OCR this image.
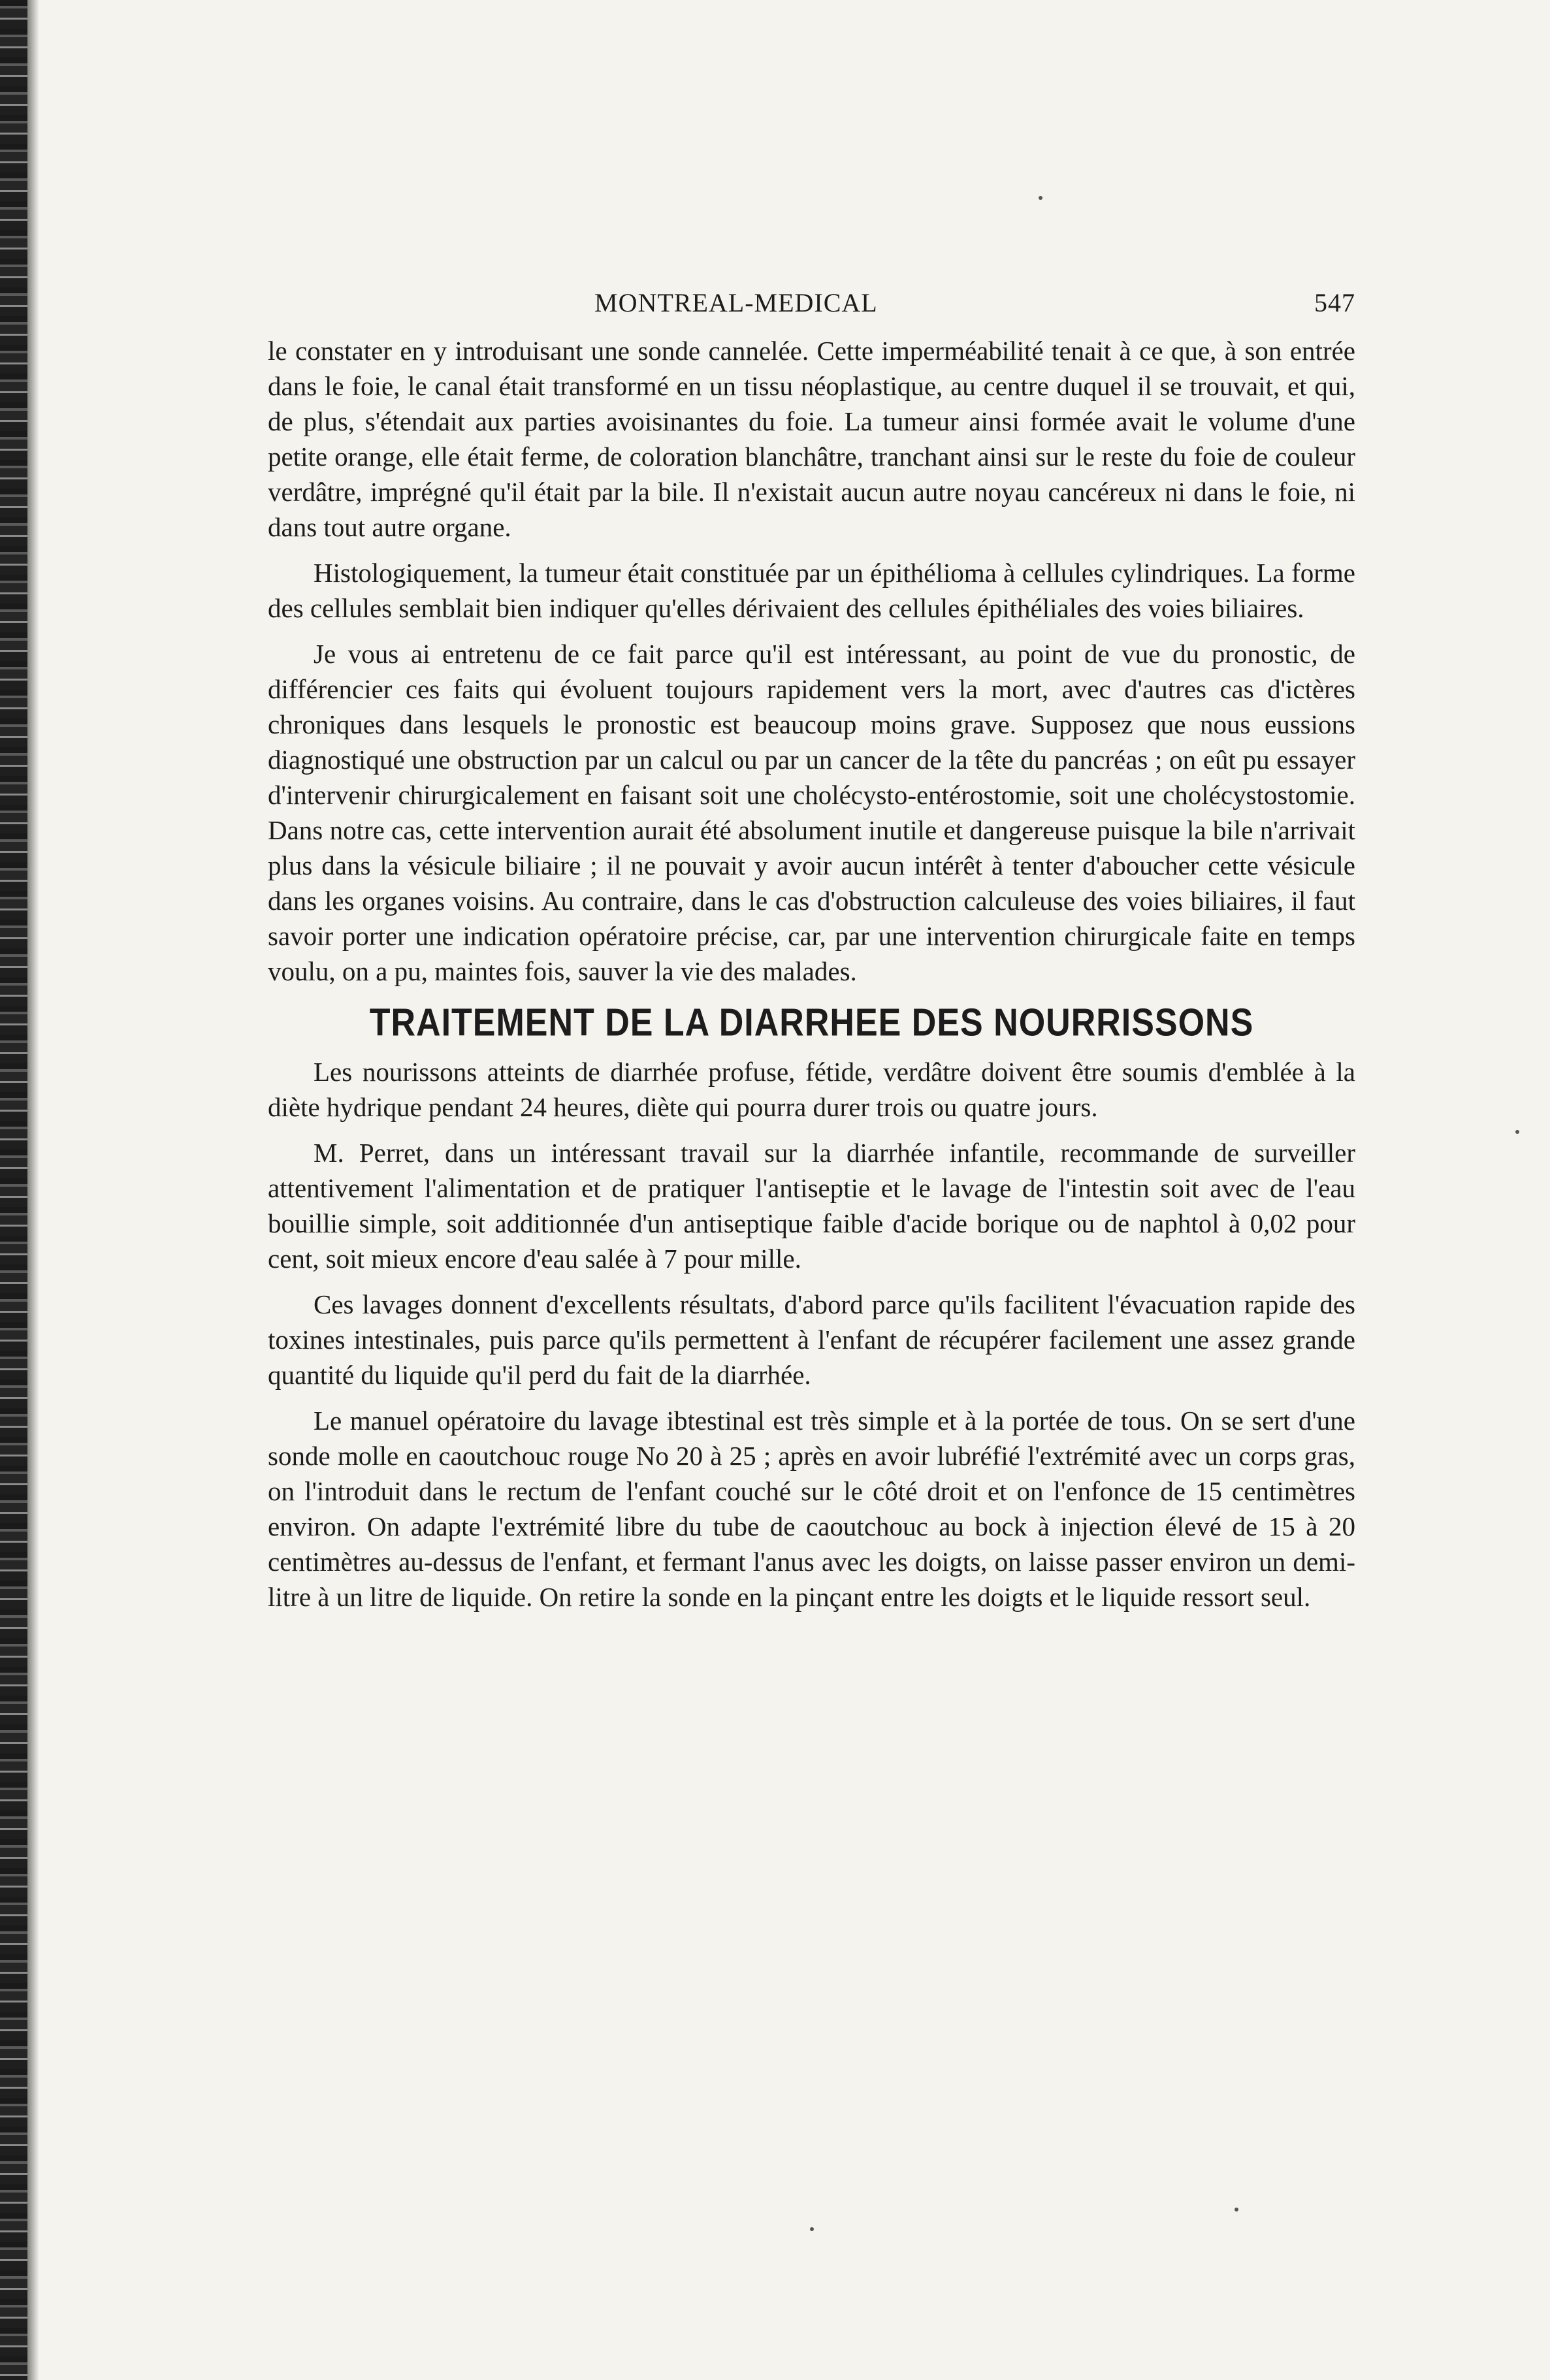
MONTREAL-MEDICAL	547

le constater en y introduisant une sonde cannelée. Cette imperméabilité tenait à ce que, à son entrée dans le foie, le canal était transformé en un tissu néoplastique, au centre duquel il se trouvait, et qui, de plus, s'étendait aux parties avoisinantes du foie. La tumeur ainsi formée avait le volume d'une petite orange, elle était ferme, de coloration blanchâtre, tranchant ainsi sur le reste du foie de couleur verdâtre, imprégné qu'il était par la bile. Il n'existait aucun autre noyau cancéreux ni dans le foie, ni dans tout autre organe.

Histologiquement, la tumeur était constituée par un épithélioma à cellules cylindriques. La forme des cellules semblait bien indiquer qu'elles dérivaient des cellules épithéliales des voies biliaires.

Je vous ai entretenu de ce fait parce qu'il est intéressant, au point de vue du pronostic, de différencier ces faits qui évoluent toujours rapidement vers la mort, avec d'autres cas d'ictères chroniques dans lesquels le pronostic est beaucoup moins grave. Supposez que nous eussions diagnostiqué une obstruction par un calcul ou par un cancer de la tête du pancréas ; on eût pu essayer d'intervenir chirurgicalement en faisant soit une cholécysto-entérostomie, soit une cholécystostomie. Dans notre cas, cette intervention aurait été absolument inutile et dangereuse puisque la bile n'arrivait plus dans la vésicule biliaire ; il ne pouvait y avoir aucun intérêt à tenter d'aboucher cette vésicule dans les organes voisins. Au contraire, dans le cas d'obstruction calculeuse des voies biliaires, il faut savoir porter une indication opératoire précise, car, par une intervention chirurgicale faite en temps voulu, on a pu, maintes fois, sauver la vie des malades.

TRAITEMENT DE LA DIARRHEE DES NOURRISSONS

Les nourissons atteints de diarrhée profuse, fétide, verdâtre doivent être soumis d'emblée à la diète hydrique pendant 24 heures, diète qui pourra durer trois ou quatre jours.

M. Perret, dans un intéressant travail sur la diarrhée infantile, recommande de surveiller attentivement l'alimentation et de pratiquer l'antiseptie et le lavage de l'intestin soit avec de l'eau bouillie simple, soit additionnée d'un antiseptique faible d'acide borique ou de naphtol à 0,02 pour cent, soit mieux encore d'eau salée à 7 pour mille.

Ces lavages donnent d'excellents résultats, d'abord parce qu'ils facilitent l'évacuation rapide des toxines intestinales, puis parce qu'ils permettent à l'enfant de récupérer facilement une assez grande quantité du liquide qu'il perd du fait de la diarrhée.

Le manuel opératoire du lavage ibtestinal est très simple et à la portée de tous. On se sert d'une sonde molle en caoutchouc rouge No 20 à 25 ; après en avoir lubréfié l'extrémité avec un corps gras, on l'introduit dans le rectum de l'enfant couché sur le côté droit et on l'enfonce de 15 centimètres environ. On adapte l'extrémité libre du tube de caoutchouc au bock à injection élevé de 15 à 20 centimètres au-dessus de l'enfant, et fermant l'anus avec les doigts, on laisse passer environ un demi-litre à un litre de liquide. On retire la sonde en la pinçant entre les doigts et le liquide ressort seul.
